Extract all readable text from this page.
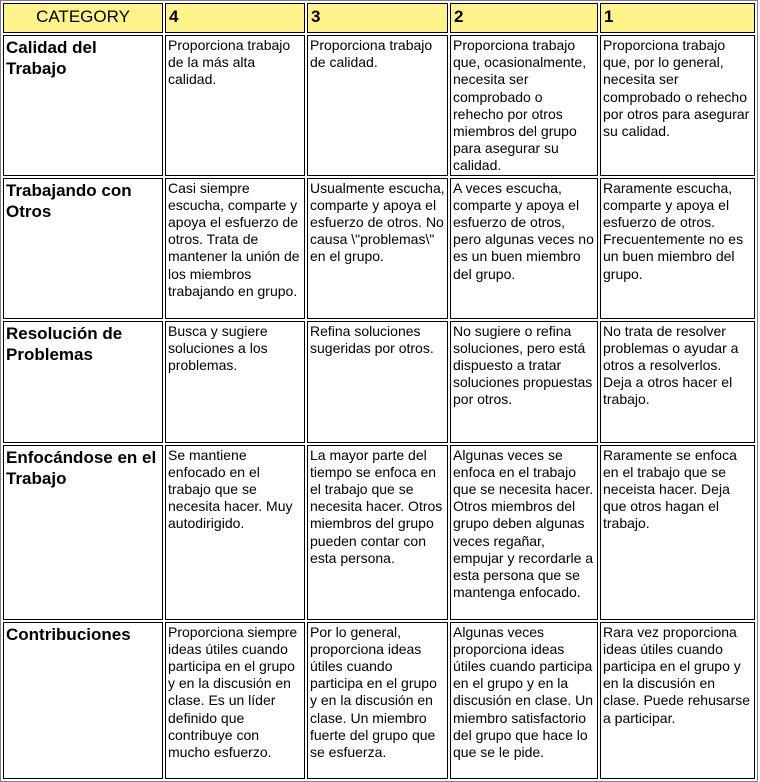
CATEGORY	4	3	2	1
Calidad del Trabajo	Proporciona trabajo de la más alta calidad.	Proporciona trabajo de calidad.	Proporciona trabajo que, ocasionalmente, necesita ser comprobado o rehecho por otros miembros del grupo para asegurar su calidad.	Proporciona trabajo que, por lo general, necesita ser comprobado o rehecho por otros para asegurar su calidad.
Trabajando con Otros	Casi siempre escucha, comparte y apoya el esfuerzo de otros. Trata de mantener la unión de los miembros trabajando en grupo.	Usualmente escucha, comparte y apoya el esfuerzo de otros. No causa \"problemas\" en el grupo.	A veces escucha, comparte y apoya el esfuerzo de otros, pero algunas veces no es un buen miembro del grupo.	Raramente escucha, comparte y apoya el esfuerzo de otros. Frecuentemente no es un buen miembro del grupo.
Resolución de Problemas	Busca y sugiere soluciones a los problemas.	Refina soluciones sugeridas por otros.	No sugiere o refina soluciones, pero está dispuesto a tratar soluciones propuestas por otros.	No trata de resolver problemas o ayudar a otros a resolverlos. Deja a otros hacer el trabajo.
Enfocándose en el Trabajo	Se mantiene enfocado en el trabajo que se necesita hacer. Muy autodirigido.	La mayor parte del tiempo se enfoca en el trabajo que se necesita hacer. Otros miembros del grupo pueden contar con esta persona.	Algunas veces se enfoca en el trabajo que se necesita hacer. Otros miembros del grupo deben algunas veces regañar, empujar y recordarle a esta persona que se mantenga enfocado.	Raramente se enfoca en el trabajo que se neceista hacer. Deja que otros hagan el trabajo.
Contribuciones	Proporciona siempre ideas útiles cuando participa en el grupo y en la discusión en clase. Es un líder definido que contribuye con mucho esfuerzo.	Por lo general, proporciona ideas útiles cuando participa en el grupo y en la discusión en clase. Un miembro fuerte del grupo que se esfuerza.	Algunas veces proporciona ideas útiles cuando participa en el grupo y en la discusión en clase. Un miembro satisfactorio del grupo que hace lo que se le pide.	Rara vez proporciona ideas útiles cuando participa en el grupo y en la discusión en clase. Puede rehusarse a participar.
